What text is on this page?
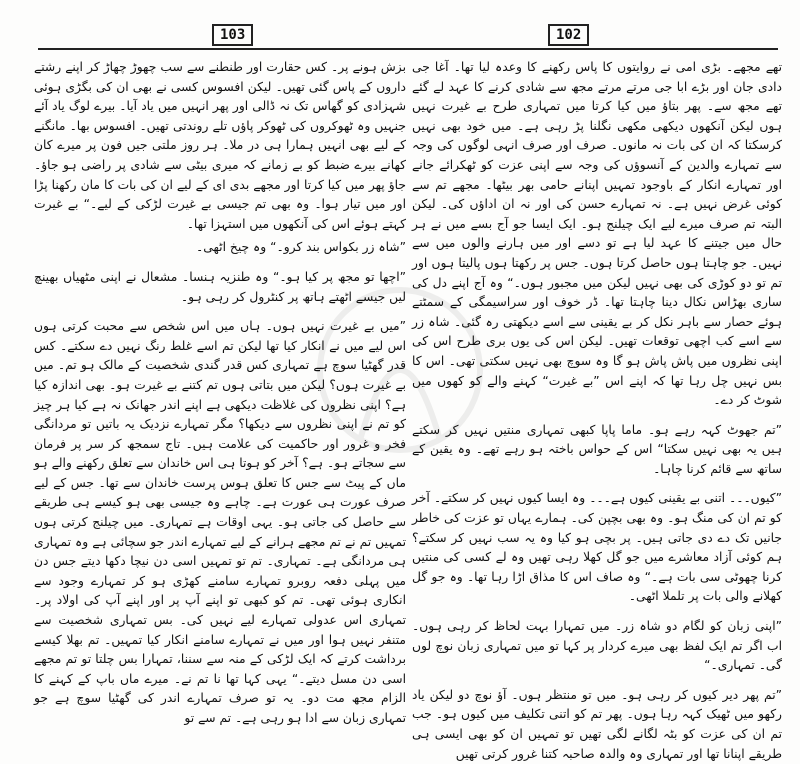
103	102

بزش ہونے پر۔ کس حقارت اور طنطنے سے سب چھوڑ چھاڑ کر اپنے رشتے داروں کے پاس گئی تھیں۔ لیکن افسوس کسی نے بھی ان کی بگڑی ہوئی شہزادی کو گھاس تک نہ ڈالی اور پھر انہیں میں یاد آیا۔ بیرے لوگ یاد آئے جنہیں وہ ٹھوکروں کی ٹھوکر پاؤں تلے روندتی تھیں۔ افسوس بھا۔ مانگنے کے لیے بھی انہیں ہمارا ہی در ملا۔ ہر روز ملتی جیں فون پر میرے کان کھانے بیرے ضبط کو بے زمانے کہ میری بیٹی سے شادی پر راضی ہو جاؤ۔ جاؤ پھر میں کیا کرتا اور مجھے بدی ای کے لیے ان کی بات کا مان رکھنا پڑا اور میں تیار ہوا۔ وہ بھی تم جیسی بے غیرت لڑکی کے لیے۔“ بے غیرت کہتے ہوئے اس کی آنکھوں میں استہزا تھا۔

”شاہ زر بکواس بند کرو۔“ وہ چیخ اٹھی۔

”اچھا تو مجھ پر کیا ہو۔“ وہ طنزیہ ہنسا۔ مشعال نے اپنی مٹھیاں بھینچ لیں جیسے اٹھتے ہاتھ پر کنٹرول کر رہی ہو۔

”میں بے غیرت نہیں ہوں۔ ہاں میں اس شخص سے محبت کرتی ہوں اس لیے میں نے انکار کیا تھا لیکن تم اسے غلط رنگ نہیں دے سکتے۔ کس قدر گھٹیا سوچ ہے تمہاری کس قدر گندی شخصیت کے مالک ہو تم۔ میں بے غیرت ہوں؟ لیکن میں بتاتی ہوں تم کتنے بے غیرت ہو۔ بھی اندازہ کیا ہے؟ اپنی نظروں کی غلاظت دیکھی ہے اپنے اندر جھانک نہ ہے کیا ہر چیز کو تم نے اپنی نظروں سے دیکھا؟ مگر تمہارے نزدیک یہ باتیں تو مردانگی فخر و غرور اور حاکمیت کی علامت ہیں۔ تاج سمجھ کر سر پر فرمان سے سجاتے ہو۔ ہے؟ آخر کو ہوتا ہی اس خاندان سے تعلق رکھنے والے ہو ماں کے پیٹ سے جس کا تعلق ہوس پرست خاندان سے تھا۔ جس کے لیے صرف عورت ہی عورت ہے۔ چاہے وہ جیسی بھی ہو کیسے ہی طریقے سے حاصل کی جاتی ہو۔ یہی اوقات ہے تمہاری۔ میں چیلنج کرتی ہوں تمہیں تم نے تم مجھے ہرانے کے لیے تمہارے اندر جو سچائی ہے وہ تمہاری ہی مردانگی ہے۔ تمہاری۔ تم تو تمہیں اسی دن نیچا دکھا دیتے جس دن میں پہلی دفعہ روبرو تمہارے سامنے کھڑی ہو کر تمہارے وجود سے انکاری ہوئی تھی۔ تم کو کبھی تو اپنے آپ پر اور اپنے آپ کی اولاد پر۔ تمہاری اس عدولی تمہارے لیے نہیں کی۔ بس تمہاری شخصیت سے متنفر نہیں ہوا اور میں نے تمہارے سامنے انکار کیا تمہیں۔ تم بھلا کیسے برداشت کرتے کہ ایک لڑکی کے منہ سے سننا، تمہارا بس چلتا تو تم مجھے اسی دن مسل دیتے۔“ یہی کہا تھا نا تم نے۔ میرے ماں باپ کے کہنے کا الزام مجھ مت دو۔ یہ تو صرف تمہارے اندر کی گھٹیا سوچ ہے جو تمہاری زبان سے ادا ہو رہی ہے۔ تم سے تو

تھے مجھے۔ بڑی امی نے روایتوں کا پاس رکھنے کا وعدہ لیا تھا۔ آغا جی دادی جان اور بڑے ابا جی مرتے مرتے مجھ سے شادی کرنے کا عہد لے گئے تھے مجھ سے۔ پھر بتاؤ میں کیا کرتا میں تمہاری طرح بے غیرت نہیں ہوں لیکن آنکھوں دیکھی مکھی نگلنا پڑ رہی ہے۔ میں خود بھی نہیں کرسکتا کہ ان کی بات نہ مانوں۔ صرف اور صرف انہی لوگوں کی وجہ سے تمہارے والدین کے آنسوؤں کی وجہ سے اپنی عزت کو ٹھکرائے جانے اور تمہارے انکار کے باوجود تمہیں اپنانے حامی بھر بیٹھا۔ مجھے تم سے کوئی غرض نہیں ہے۔ نہ تمہارے حسن کی اور نہ ان اداؤں کی۔ لیکن البتہ تم صرف میرے لیے ایک چیلنج ہو۔ ایک ایسا جو آج بسے میں نے ہر حال میں جیتنے کا عہد لیا ہے تو دسے اور میں ہارنے والوں میں سے نہیں۔ جو چاہتا ہوں حاصل کرتا ہوں۔ جس پر رکھتا ہوں پالیتا ہوں اور تم تو دو کوڑی کی بھی نہیں لیکن میں مجبور ہوں۔“ وہ آج اپنے دل کی ساری بھڑاس نکال دینا چاہتا تھا۔ ڈر خوف اور سراسیمگی کے سمٹتے ہوئے حصار سے باہر نکل کر بے یقینی سے اسے دیکھتی رہ گئی۔ شاہ زر سے اسے کب اچھی توقعات تھیں۔ لیکن اس کی یوں بری طرح اس کی اپنی نظروں میں پاش پاش ہو گا وہ سوچ بھی نہیں سکتی تھی۔ اس کا بس نہیں چل رہا تھا کہ اپنے اس ”بے غیرت“ کہنے والے کو کھوں میں شوٹ کر دے۔

”تم جھوٹ کہہ رہے ہو۔ ماما پاپا کبھی تمہاری منتیں نہیں کر سکتے ہیں یہ بھی نہیں سکتا“ اس کے حواس باختہ ہو رہے تھے۔ وہ یقین کے ساتھ سے قائم کرنا چاہا۔

”کیوں۔۔۔ اتنی بے یقینی کیوں ہے۔۔۔ وہ ایسا کیوں نہیں کر سکتے۔ آخر کو تم ان کی منگ ہو۔ وہ بھی بچپن کی۔ ہمارے یہاں تو عزت کی خاطر جانیں تک دے دی جاتی ہیں۔ پر بچی ہو کیا وہ یہ سب نہیں کر سکتے؟ ہم کوئی آزاد معاشرے میں جو گل کھلا رہی تھیں وہ لے کسی کی منتیں کرنا چھوٹی سی بات ہے۔“ وہ صاف اس کا مذاق اڑا رہا تھا۔ وہ جو گل کھلانے والی بات پر تلملا اٹھی۔

”اپنی زبان کو لگام دو شاہ زر۔ میں تمہارا بہت لحاظ کر رہی ہوں۔ اب اگر تم ایک لفظ بھی میرے کردار پر کہا تو میں تمہاری زبان نوچ لوں گی۔ تمہاری۔“

”تم پھر دیر کیوں کر رہی ہو۔ میں تو منتظر ہوں۔ آؤ نوچ دو لیکن یاد رکھو میں ٹھیک کہہ رہا ہوں۔ پھر تم کو اتنی تکلیف میں کیوں ہو۔ جب تم ان کی عزت کو بٹہ لگانے لگی تھیں تو تمہیں ان کو بھی ایسی ہی طریقے اپنانا تھا اور تمہاری وہ والدہ صاحبہ کتنا غرور کرتی تھیں
